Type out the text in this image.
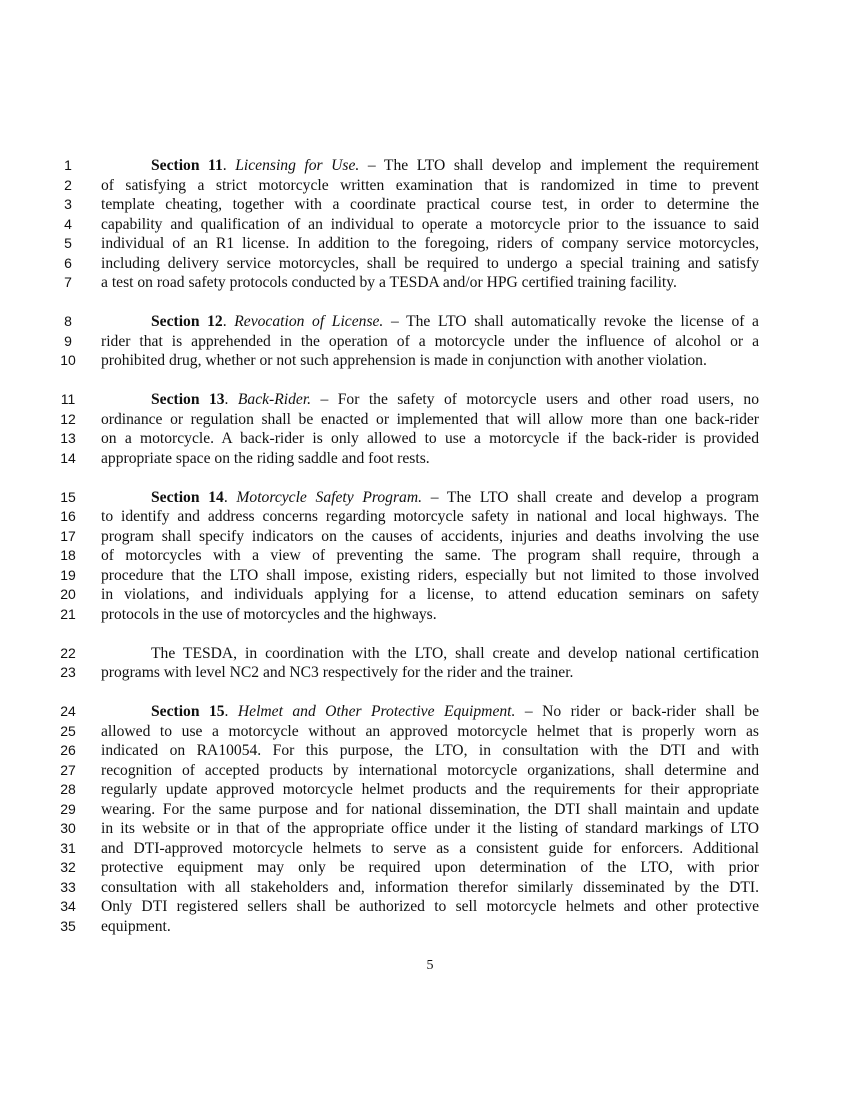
1	Section 11. Licensing for Use. – The LTO shall develop and implement the requirement
2	of satisfying a strict motorcycle written examination that is randomized in time to prevent
3	template cheating, together with a coordinate practical course test, in order to determine the
4	capability and qualification of an individual to operate a motorcycle prior to the issuance to said
5	individual of an R1 license. In addition to the foregoing, riders of company service motorcycles,
6	including delivery service motorcycles, shall be required to undergo a special training and satisfy
7	a test on road safety protocols conducted by a TESDA and/or HPG certified training facility.
8	Section 12. Revocation of License. – The LTO shall automatically revoke the license of a
9	rider that is apprehended in the operation of a motorcycle under the influence of alcohol or a
10	prohibited drug, whether or not such apprehension is made in conjunction with another violation.
11	Section 13. Back-Rider. – For the safety of motorcycle users and other road users, no
12	ordinance or regulation shall be enacted or implemented that will allow more than one back-rider
13	on a motorcycle. A back-rider is only allowed to use a motorcycle if the back-rider is provided
14	appropriate space on the riding saddle and foot rests.
15	Section 14. Motorcycle Safety Program. – The LTO shall create and develop a program
16	to identify and address concerns regarding motorcycle safety in national and local highways. The
17	program shall specify indicators on the causes of accidents, injuries and deaths involving the use
18	of motorcycles with a view of preventing the same. The program shall require, through a
19	procedure that the LTO shall impose, existing riders, especially but not limited to those involved
20	in violations, and individuals applying for a license, to attend education seminars on safety
21	protocols in the use of motorcycles and the highways.
22	The TESDA, in coordination with the LTO, shall create and develop national certification
23	programs with level NC2 and NC3 respectively for the rider and the trainer.
24	Section 15. Helmet and Other Protective Equipment. – No rider or back-rider shall be
25	allowed to use a motorcycle without an approved motorcycle helmet that is properly worn as
26	indicated on RA10054. For this purpose, the LTO, in consultation with the DTI and with
27	recognition of accepted products by international motorcycle organizations, shall determine and
28	regularly update approved motorcycle helmet products and the requirements for their appropriate
29	wearing. For the same purpose and for national dissemination, the DTI shall maintain and update
30	in its website or in that of the appropriate office under it the listing of standard markings of LTO
31	and DTI-approved motorcycle helmets to serve as a consistent guide for enforcers. Additional
32	protective equipment may only be required upon determination of the LTO, with prior
33	consultation with all stakeholders and, information therefor similarly disseminated by the DTI.
34	Only DTI registered sellers shall be authorized to sell motorcycle helmets and other protective
35	equipment.
5
